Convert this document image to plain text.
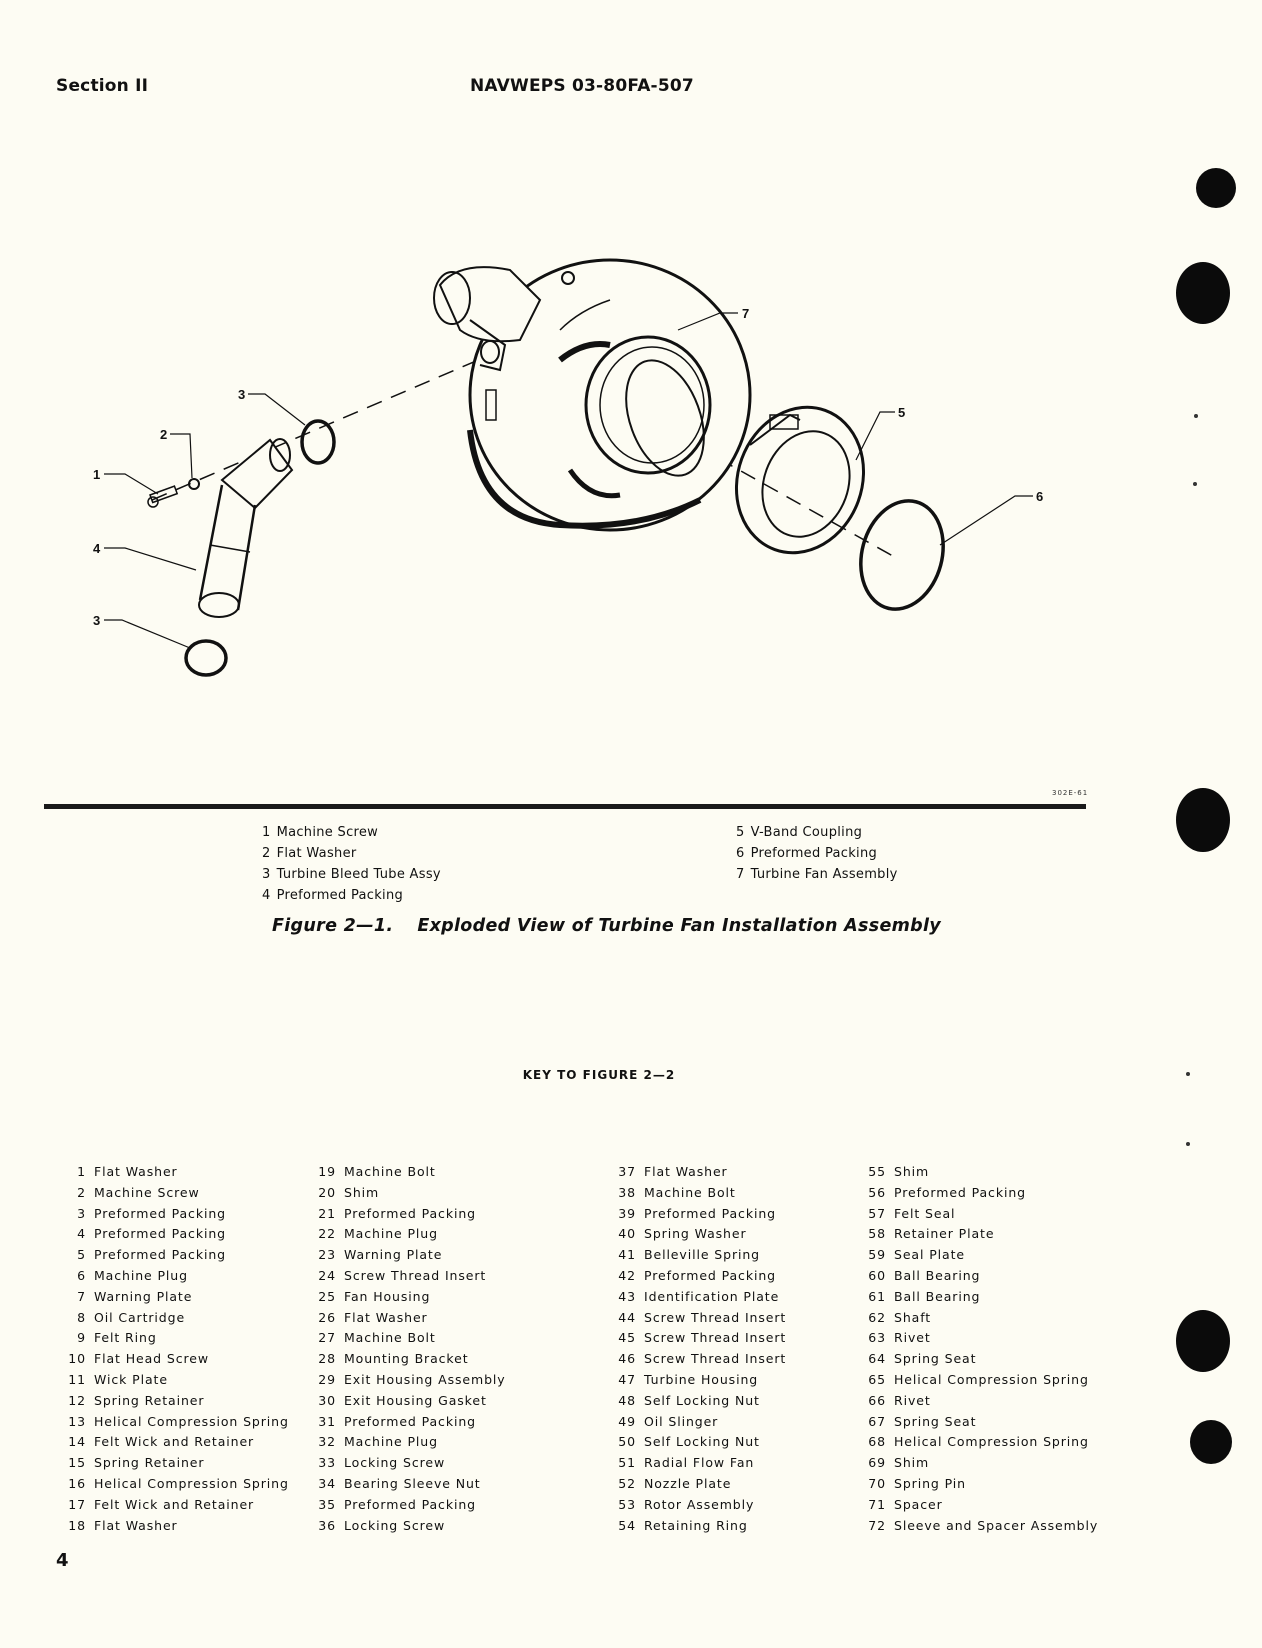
Section II	NAVWEPS 03-80FA-507
1
2
3
4
3
7
5
6
302E-61
1 Machine Screw
2 Flat Washer
3 Turbine Bleed Tube Assy
4 Preformed Packing
5 V-Band Coupling
6 Preformed Packing
7 Turbine Fan Assembly
Figure 2—1. Exploded View of Turbine Fan Installation Assembly
KEY TO FIGURE 2—2
1 Flat Washer
2 Machine Screw
3 Preformed Packing
4 Preformed Packing
5 Preformed Packing
6 Machine Plug
7 Warning Plate
8 Oil Cartridge
9 Felt Ring
10 Flat Head Screw
11 Wick Plate
12 Spring Retainer
13 Helical Compression Spring
14 Felt Wick and Retainer
15 Spring Retainer
16 Helical Compression Spring
17 Felt Wick and Retainer
18 Flat Washer
19 Machine Bolt
20 Shim
21 Preformed Packing
22 Machine Plug
23 Warning Plate
24 Screw Thread Insert
25 Fan Housing
26 Flat Washer
27 Machine Bolt
28 Mounting Bracket
29 Exit Housing Assembly
30 Exit Housing Gasket
31 Preformed Packing
32 Machine Plug
33 Locking Screw
34 Bearing Sleeve Nut
35 Preformed Packing
36 Locking Screw
37 Flat Washer
38 Machine Bolt
39 Preformed Packing
40 Spring Washer
41 Belleville Spring
42 Preformed Packing
43 Identification Plate
44 Screw Thread Insert
45 Screw Thread Insert
46 Screw Thread Insert
47 Turbine Housing
48 Self Locking Nut
49 Oil Slinger
50 Self Locking Nut
51 Radial Flow Fan
52 Nozzle Plate
53 Rotor Assembly
54 Retaining Ring
55 Shim
56 Preformed Packing
57 Felt Seal
58 Retainer Plate
59 Seal Plate
60 Ball Bearing
61 Ball Bearing
62 Shaft
63 Rivet
64 Spring Seat
65 Helical Compression Spring
66 Rivet
67 Spring Seat
68 Helical Compression Spring
69 Shim
70 Spring Pin
71 Spacer
72 Sleeve and Spacer Assembly
4
